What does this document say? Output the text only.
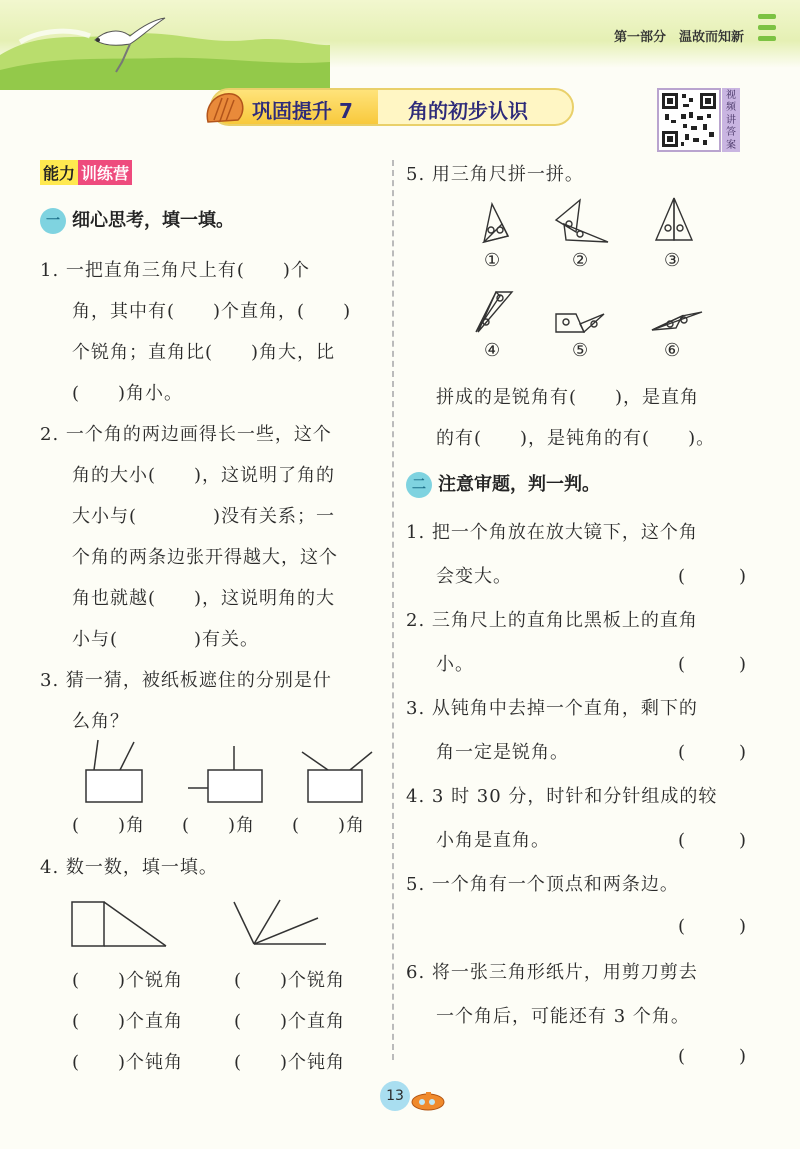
第一部分　温故而知新
巩固提升 7	角的初步认识
视频讲答案
能力 训练营
一 细心思考，填一填。
1. 一把直角三角尺上有(　　)个
角，其中有(　　)个直角，(　　)
个锐角；直角比(　　)角大，比
(　　)角小。
2. 一个角的两边画得长一些，这个
角的大小(　　)，这说明了角的
大小与(　　　　)没有关系；一
个角的两条边张开得越大，这个
角也就越(　　)，这说明角的大
小与(　　　　)有关。
3. 猜一猜，被纸板遮住的分别是什
么角？
(　　)角 (　　)角 (　　)角
4. 数一数，填一填。
(　　)个锐角	(　　)个锐角
(　　)个直角	(　　)个直角
(　　)个钝角	(　　)个钝角
5. 用三角尺拼一拼。
①	②	③
④	⑤	⑥
拼成的是锐角有(　　)，是直角
的有(　　)，是钝角的有(　　)。
二 注意审题，判一判。
1. 把一个角放在放大镜下，这个角
会变大。	(　　)
2. 三角尺上的直角比黑板上的直角
小。	(　　)
3. 从钝角中去掉一个直角，剩下的
角一定是锐角。	(　　)
4. 3 时 30 分，时针和分针组成的较
小角是直角。	(　　)
5. 一个角有一个顶点和两条边。
(　　)
6. 将一张三角形纸片，用剪刀剪去
一个角后，可能还有 3 个角。
(　　)
13
